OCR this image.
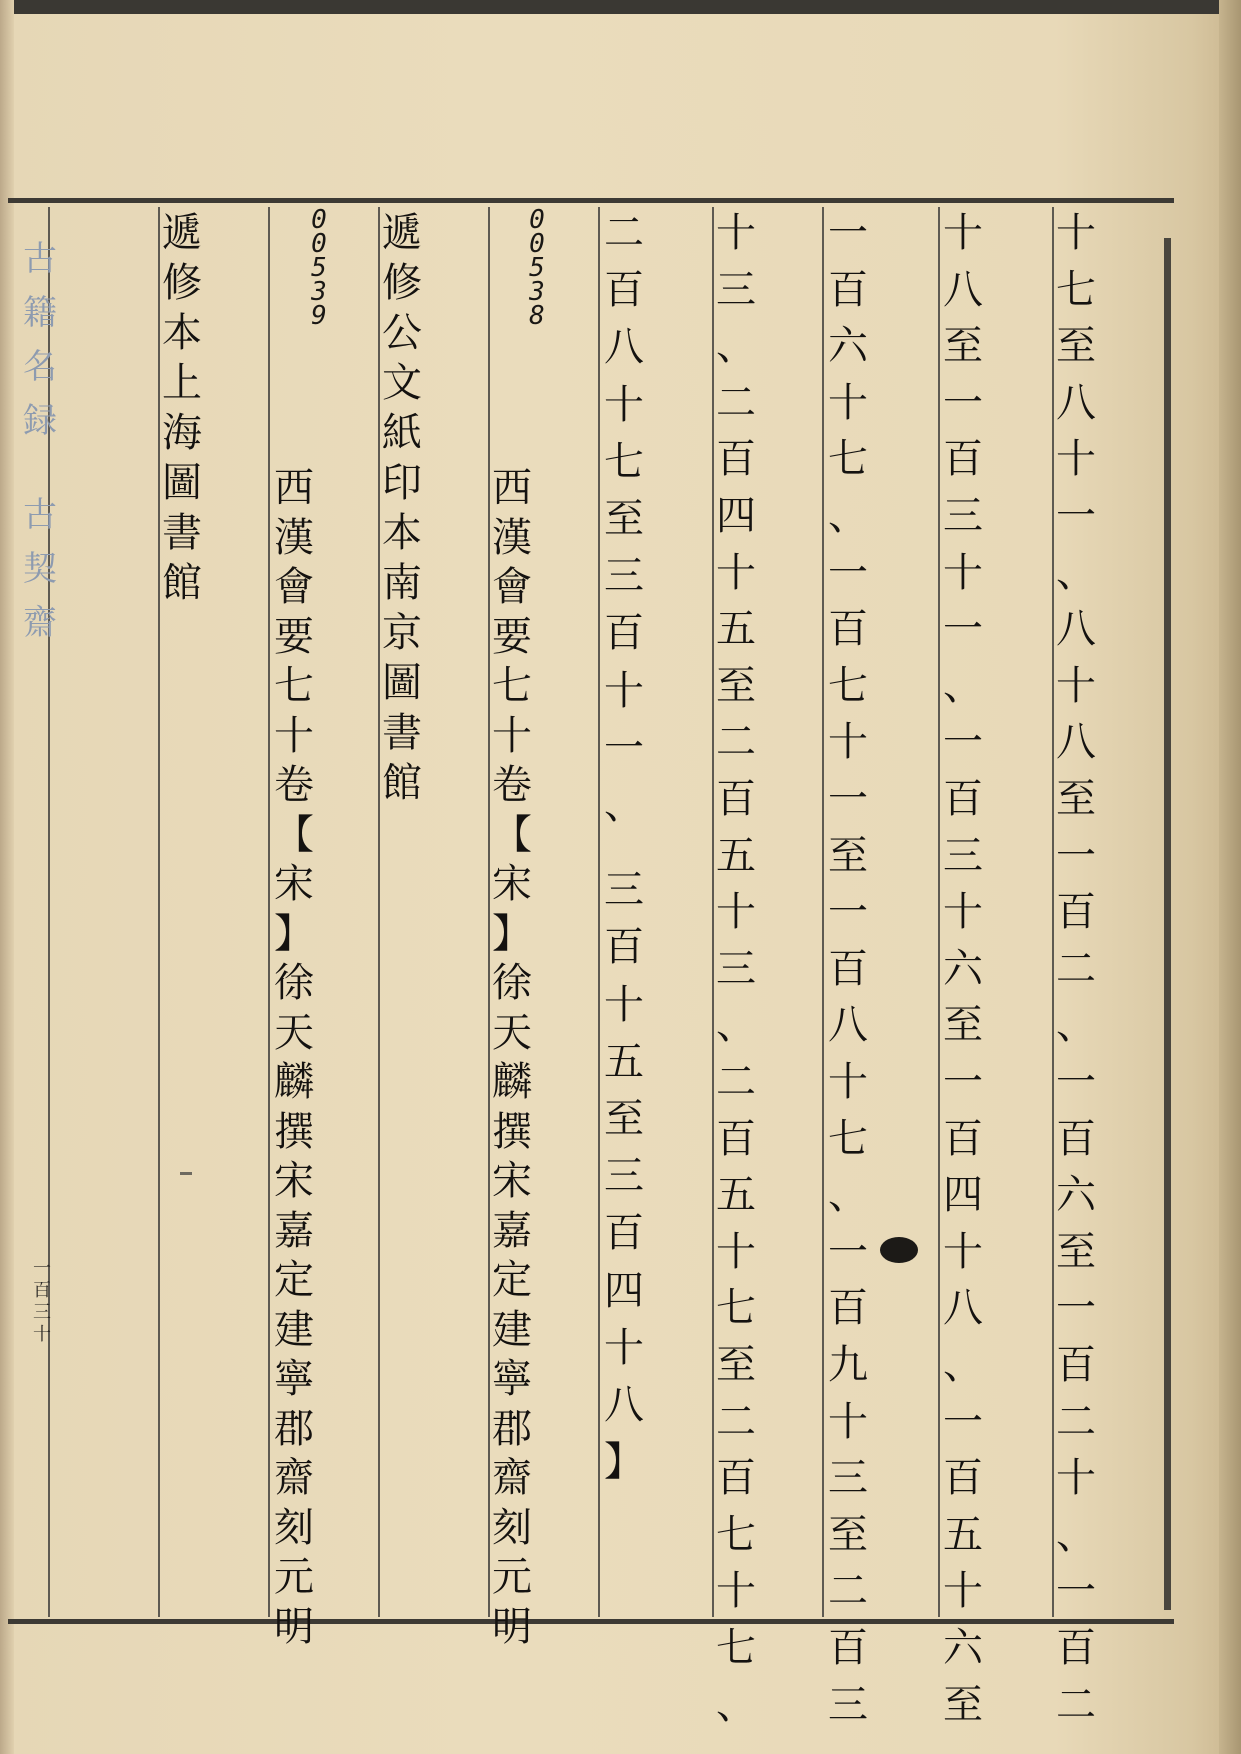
古
籍
名
録
古
契
齋
一
百
三
十
十
七
至
八
十
一
、
八
十
八
至
一
百
二
、
一
百
六
至
一
百
二
十
、
一
百
二
十
八
至
一
百
三
十
一
、
一
百
三
十
六
至
一
百
四
十
八
、
一
百
五
十
六
至
一
百
六
十
七
、
一
百
七
十
一
至
一
百
八
十
七
、
一
百
九
十
三
至
二
百
三
十
三
、
二
百
四
十
五
至
二
百
五
十
三
、
二
百
五
十
七
至
二
百
七
十
七
、
二
百
八
十
七
至
三
百
十
一
、
三
百
十
五
至
三
百
四
十
八
】
0
0
5
3
8
西
漢
會
要
七
十
卷
【
宋
】
徐
天
麟
撰
宋
嘉
定
建
寧
郡
齋
刻
元
明
遞
修
公
文
紙
印
本
南
京
圖
書
館
0
0
5
3
9
西
漢
會
要
七
十
卷
【
宋
】
徐
天
麟
撰
宋
嘉
定
建
寧
郡
齋
刻
元
明
遞
修
本
上
海
圖
書
館
